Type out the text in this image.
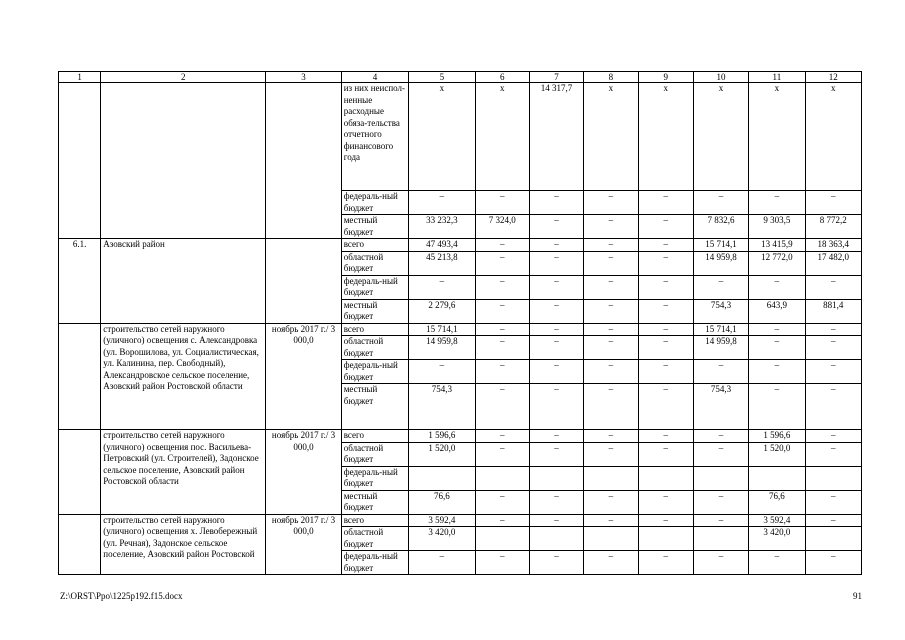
1	2	3	4	5	6	7	8	9	10	11	12
			из них неиспол-ненные расходные обяза-тельства отчетного финансового года	х	х	14 317,7	х	х	х	х	х
			федераль-ный бюджет	–	–	–	–	–	–	–	–
			местный бюджет	33 232,3	7 324,0	–	–	–	7 832,6	9 303,5	8 772,2
6.1.	Азовский район		всего	47 493,4	–	–	–	–	15 714,1	13 415,9	18 363,4
			областной бюджет	45 213,8	–	–	–	–	14 959,8	12 772,0	17 482,0
			федераль-ный бюджет	–	–	–	–	–	–	–	–
			местный бюджет	2 279,6	–	–	–	–	754,3	643,9	881,4
	строительство сетей наружного (уличного) освещения с. Александровка (ул. Ворошилова, ул. Социалистическая, ул. Калинина, пер. Свободный), Александровское сельское поселение, Азовский район Ростовской области	ноябрь 2017 г./ 3 000,0	всего	15 714,1	–	–	–	–	15 714,1	–	–
			областной бюджет	14 959,8	–	–	–	–	14 959,8	–	–
			федераль-ный бюджет	–	–	–	–	–	–	–	–
			местный бюджет	754,3	–	–	–	–	754,3	–	–
	строительство сетей наружного (уличного) освещения пос. Васильева-Петровский (ул. Строителей), Задонское сельское поселение, Азовский район Ростовской области	ноябрь 2017 г./ 3 000,0	всего	1 596,6	–	–	–	–	–	1 596,6	–
			областной бюджет	1 520,0	–	–	–	–	–	1 520,0	–
			федераль-ный бюджет								
			местный бюджет	76,6	–	–	–	–	–	76,6	–
	строительство сетей наружного (уличного) освещения х. Левобережный (ул. Речная), Задонское сельское поселение, Азовский район Ростовской	ноябрь 2017 г./ 3 000,0	всего	3 592,4	–	–	–	–	–	3 592,4	–
			областной бюджет	3 420,0						3 420,0	
			федераль-ный бюджет	–	–	–	–	–	–	–	–
Z:\ORST\Ppo\1225p192.f15.docx	91
